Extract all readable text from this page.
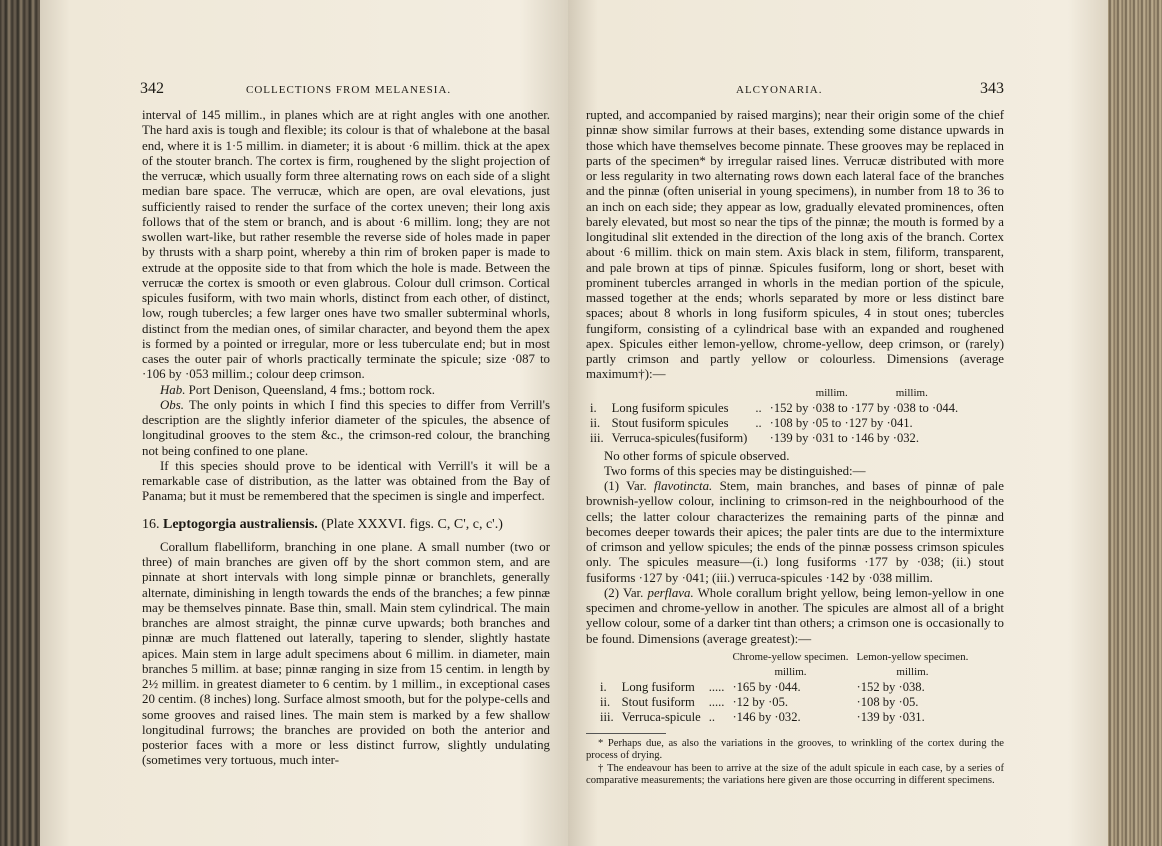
342	COLLECTIONS FROM MELANESIA.

interval of 145 millim., in planes which are at right angles with one another. The hard axis is tough and flexible; its colour is that of whalebone at the basal end, where it is 1·5 millim. in diameter; it is about ·6 millim. thick at the apex of the stouter branch. The cortex is firm, roughened by the slight projection of the verrucæ, which usually form three alternating rows on each side of a slight median bare space. The verrucæ, which are open, are oval elevations, just sufficiently raised to render the surface of the cortex uneven; their long axis follows that of the stem or branch, and is about ·6 millim. long; they are not swollen wart-like, but rather resemble the reverse side of holes made in paper by thrusts with a sharp point, whereby a thin rim of broken paper is made to extrude at the opposite side to that from which the hole is made. Between the verrucæ the cortex is smooth or even glabrous. Colour dull crimson. Cortical spicules fusiform, with two main whorls, distinct from each other, of distinct, low, rough tubercles; a few larger ones have two smaller subterminal whorls, distinct from the median ones, of similar character, and beyond them the apex is formed by a pointed or irregular, more or less tuberculate end; but in most cases the outer pair of whorls practically terminate the spicule; size ·087 to ·106 by ·053 millim.; colour deep crimson.

Hab. Port Denison, Queensland, 4 fms.; bottom rock.

Obs. The only points in which I find this species to differ from Verrill's description are the slightly inferior diameter of the spicules, the absence of longitudinal grooves to the stem &c., the crimson-red colour, the branching not being confined to one plane.

If this species should prove to be identical with Verrill's it will be a remarkable case of distribution, as the latter was obtained from the Bay of Panama; but it must be remembered that the specimen is single and imperfect.

16. Leptogorgia australiensis. (Plate XXXVI. figs. C, C', c, c'.)

Corallum flabelliform, branching in one plane. A small number (two or three) of main branches are given off by the short common stem, and are pinnate at short intervals with long simple pinnæ or branchlets, generally alternate, diminishing in length towards the ends of the branches; a few pinnæ may be themselves pinnate. Base thin, small. Main stem cylindrical. The main branches are almost straight, the pinnæ curve upwards; both branches and pinnæ are much flattened out laterally, tapering to slender, slightly hastate apices. Main stem in large adult specimens about 6 millim. in diameter, main branches 5 millim. at base; pinnæ ranging in size from 15 centim. in length by 2½ millim. in greatest diameter to 6 centim. by 1 millim., in exceptional cases 20 centim. (8 inches) long. Surface almost smooth, but for the polype-cells and some grooves and raised lines. The main stem is marked by a few shallow longitudinal furrows; the branches are provided on both the anterior and posterior faces with a more or less distinct furrow, slightly undulating (sometimes very tortuous, much inter-

ALCYONARIA.	343

rupted, and accompanied by raised margins); near their origin some of the chief pinnæ show similar furrows at their bases, extending some distance upwards in those which have themselves become pinnate. These grooves may be replaced in parts of the specimen* by irregular raised lines. Verrucæ distributed with more or less regularity in two alternating rows down each lateral face of the branches and the pinnæ (often uniserial in young specimens), in number from 18 to 36 to an inch on each side; they appear as low, gradually elevated prominences, often barely elevated, but most so near the tips of the pinnæ; the mouth is formed by a longitudinal slit extended in the direction of the long axis of the branch. Cortex about ·6 millim. thick on main stem. Axis black in stem, filiform, transparent, and pale brown at tips of pinnæ. Spicules fusiform, long or short, beset with prominent tubercles arranged in whorls in the median portion of the spicule, massed together at the ends; whorls separated by more or less distinct bare spaces; about 8 whorls in long fusiform spicules, 4 in stout ones; tubercles fungiform, consisting of a cylindrical base with an expanded and roughened apex. Spicules either lemon-yellow, chrome-yellow, deep crimson, or (rarely) partly crimson and partly yellow or colourless. Dimensions (average maximum†):—

			millim. millim.
i.	Long fusiform spicules	..	·152 by ·038 to ·177 by ·038 to ·044.
ii.	Stout fusiform spicules	..	·108 by ·05 to ·127 by ·041.
iii.	Verruca-spicules(fusiform)		·139 by ·031 to ·146 by ·032.

No other forms of spicule observed.

Two forms of this species may be distinguished:—

(1) Var. flavotincta. Stem, main branches, and bases of pinnæ of pale brownish-yellow colour, inclining to crimson-red in the neighbourhood of the cells; the latter colour characterizes the remaining parts of the pinnæ and becomes deeper towards their apices; the paler tints are due to the intermixture of crimson and yellow spicules; the ends of the pinnæ possess crimson spicules only. The spicules measure—(i.) long fusiforms ·177 by ·038; (ii.) stout fusiforms ·127 by ·041; (iii.) verruca-spicules ·142 by ·038 millim.

(2) Var. perflava. Whole corallum bright yellow, being lemon-yellow in one specimen and chrome-yellow in another. The spicules are almost all of a bright yellow colour, some of a darker tint than others; a crimson one is occasionally to be found. Dimensions (average greatest):—

			Chrome-yellow specimen.	Lemon-yellow specimen.
			millim.	millim.
i.	Long fusiform	.....	·165 by ·044.	·152 by ·038.
ii.	Stout fusiform	.....	·12 by ·05.	·108 by ·05.
iii.	Verruca-spicule	..	·146 by ·032.	·139 by ·031.

* Perhaps due, as also the variations in the grooves, to wrinkling of the cortex during the process of drying.

† The endeavour has been to arrive at the size of the adult spicule in each case, by a series of comparative measurements; the variations here given are those occurring in different specimens.
